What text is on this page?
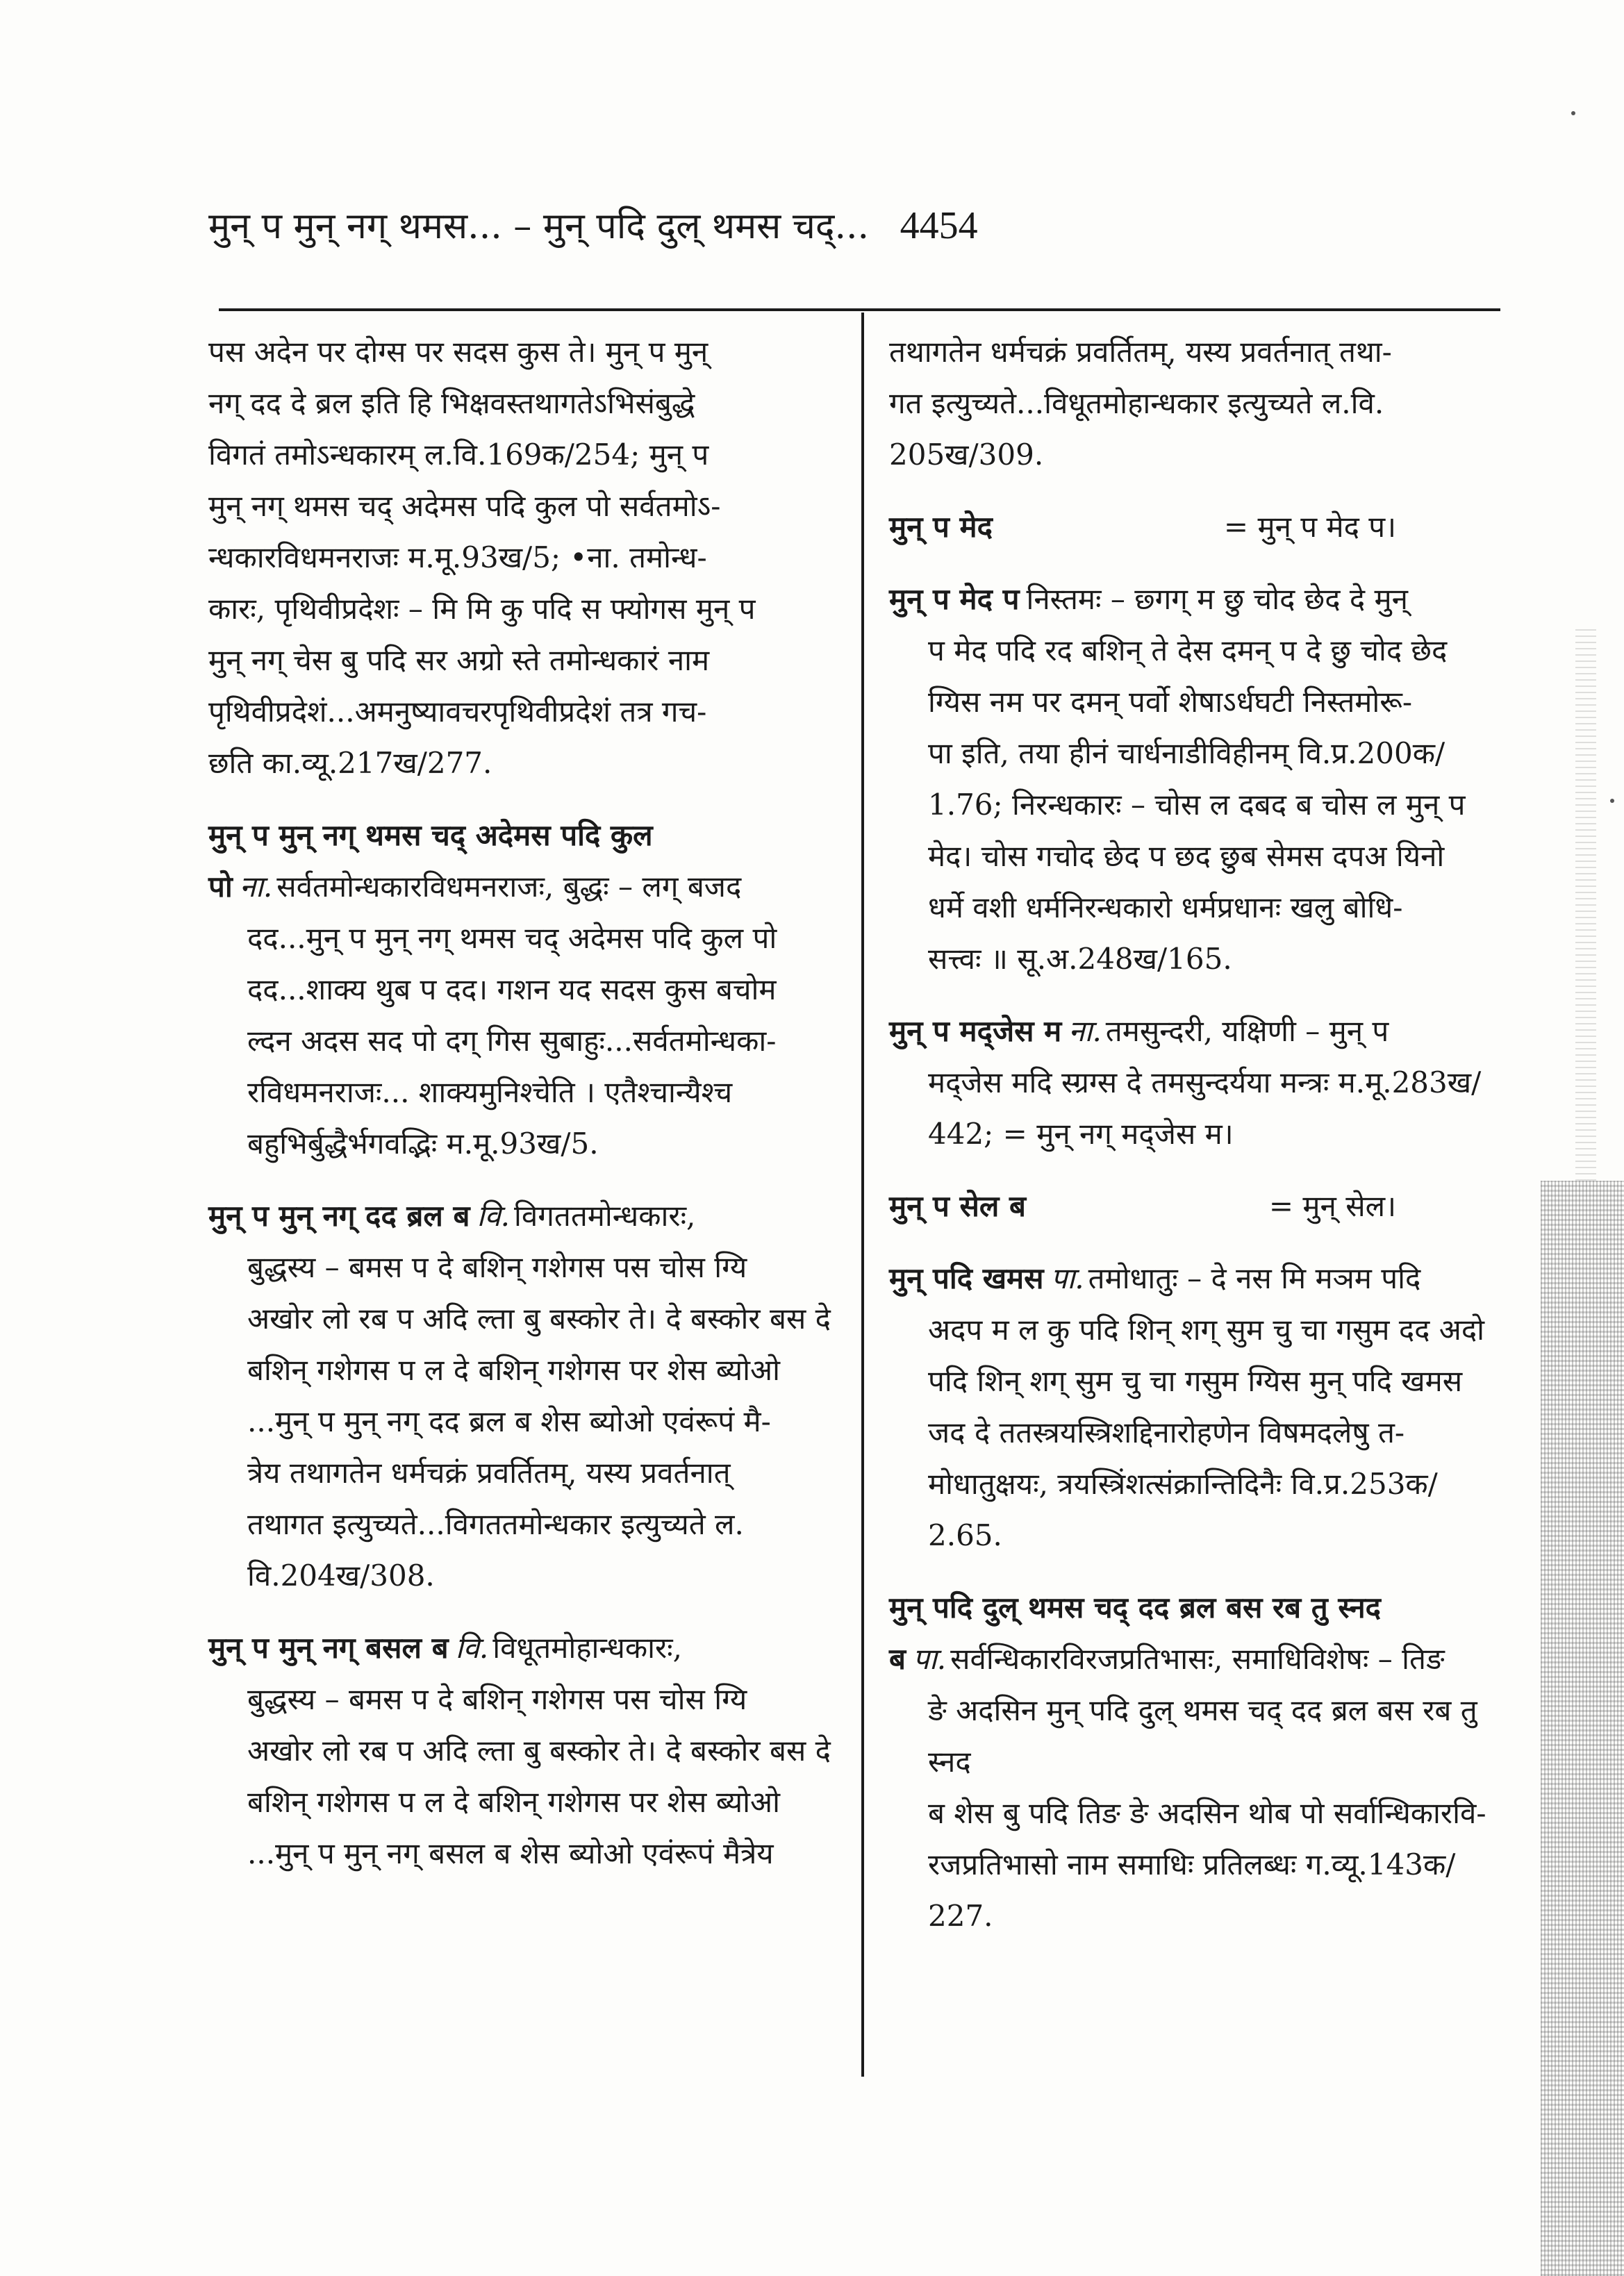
मुन्‌ प मुन्‌ नग् थमस... – मुन्‌ पदि दुल् थमस चद्‌... 4454

पस अदेन पर दोग्स पर सदस कुस ते। मुन्‌ प मुन्‌

नग् दद दे ब्रल इति हि भिक्षवस्तथागतेऽभिसंबुद्धे

विगतं तमोऽन्धकारम् ल.वि.169क/254; मुन्‌ प

मुन्‌ नग् थमस चद्‌ अदेमस पदि कुल पो सर्वतमोऽ-

न्धकारविधमनराजः म.मू.93ख/5; •ना. तमोन्ध-

कारः, पृथिवीप्रदेशः – मि मि कु पदि स फ्योगस मुन्‌ प

मुन्‌ नग् चेस बु पदि सर अग्रो स्ते तमोन्धकारं नाम

पृथिवीप्रदेशं...अमनुष्यावचरपृथिवीप्रदेशं तत्र गच-

छति का.व्यू.217ख/277.

मुन्‌ प मुन्‌ नग् थमस चद्‌ अदेमस पदि कुल पो ना. सर्वतमोन्धकारविधमनराजः, बुद्धः – लग् बजद

दद...मुन्‌ प मुन्‌ नग् थमस चद्‌ अदेमस पदि कुल पो

दद...शाक्य थुब प दद। गशन यद सदस कुस बचोम

ल्दन अदस सद पो दग् गिस सुबाहुः...सर्वतमोन्धका-

रविधमनराजः... शाक्यमुनिश्चेति । एतैश्चान्यैश्च

बहुभिर्बुद्धैर्भगवद्भिः म.मू.93ख/5.

मुन्‌ प मुन्‌ नग् दद ब्रल ब वि. विगततमोन्धकारः,

बुद्धस्य – बमस प दे बशिन् गशेगस पस चोस ग्यि

अखोर लो रब प अदि ल्ता बु बस्कोर ते। दे बस्कोर बस दे

बशिन् गशेगस प ल दे बशिन् गशेगस पर शेस ब्योओ

...मुन्‌ प मुन्‌ नग् दद ब्रल ब शेस ब्योओ एवंरूपं मै-

त्रेय तथागतेन धर्मचक्रं प्रवर्तितम्, यस्य प्रवर्तनात्

तथागत इत्युच्यते...विगततमोन्धकार इत्युच्यते ल.

वि.204ख/308.

मुन्‌ प मुन्‌ नग् बसल ब वि. विधूतमोहान्धकारः,

बुद्धस्य – बमस प दे बशिन् गशेगस पस चोस ग्यि

अखोर लो रब प अदि ल्ता बु बस्कोर ते। दे बस्कोर बस दे

बशिन् गशेगस प ल दे बशिन् गशेगस पर शेस ब्योओ

...मुन्‌ प मुन्‌ नग् बसल ब शेस ब्योओ एवंरूपं मैत्रेय

तथागतेन धर्मचक्रं प्रवर्तितम्, यस्य प्रवर्तनात् तथा-

गत इत्युच्यते...विधूतमोहान्धकार इत्युच्यते ल.वि.

205ख/309.

मुन्‌ प मेद	= मुन्‌ प मेद प।

मुन्‌ प मेद प निस्तमः – छ्गग् म छु चोद छेद दे मुन्‌

प मेद पदि रद बशिन् ते देस दमन् प दे छु चोद छेद

ग्यिस नम पर दमन् पर्वो शेषाऽर्धघटी निस्तमोरू-

पा इति, तया हीनं चार्धनाडीविहीनम् वि.प्र.200क/

1.76; निरन्धकारः – चोस ल दबद ब चोस ल मुन्‌ प

मेद। चोस गचोद छेद प छद छुब सेमस दपअ यिनो

धर्मे वशी धर्मनिरन्धकारो धर्मप्रधानः खलु बोधि-

सत्त्वः ॥ सू.अ.248ख/165.

मुन्‌ प मद्जेस म ना. तमसुन्दरी, यक्षिणी – मुन्‌ प

मद्जेस मदि स्ग्रग्स दे तमसुन्दर्यया मन्त्रः म.मू.283ख/

442; = मुन्‌ नग् मद्जेस म।

मुन्‌ प सेल ब	= मुन्‌ सेल।

मुन्‌ पदि खमस पा. तमोधातुः – दे नस मि मञम पदि

अदप म ल कु पदि शिन् शग् सुम चु चा गसुम दद अदो

पदि शिन् शग् सुम चु चा गसुम ग्यिस मुन्‌ पदि खमस

जद दे ततस्त्रयस्त्रिशद्दिनारोहणेन विषमदलेषु त-

मोधातुक्षयः, त्रयस्त्रिंशत्संक्रान्तिदिनैः वि.प्र.253क/

2.65.

मुन्‌ पदि दुल् थमस चद्‌ दद ब्रल बस रब तु स्नद ब पा. सर्वन्धिकारविरजप्रतिभासः, समाधिविशेषः – तिङ

ङे अदसिन मुन्‌ पदि दुल् थमस चद्‌ दद ब्रल बस रब तु स्नद

ब शेस बु पदि तिङ ङे अदसिन थोब पो सर्वान्धिकारवि-

रजप्रतिभासो नाम समाधिः प्रतिलब्धः ग.व्यू.143क/

227.
